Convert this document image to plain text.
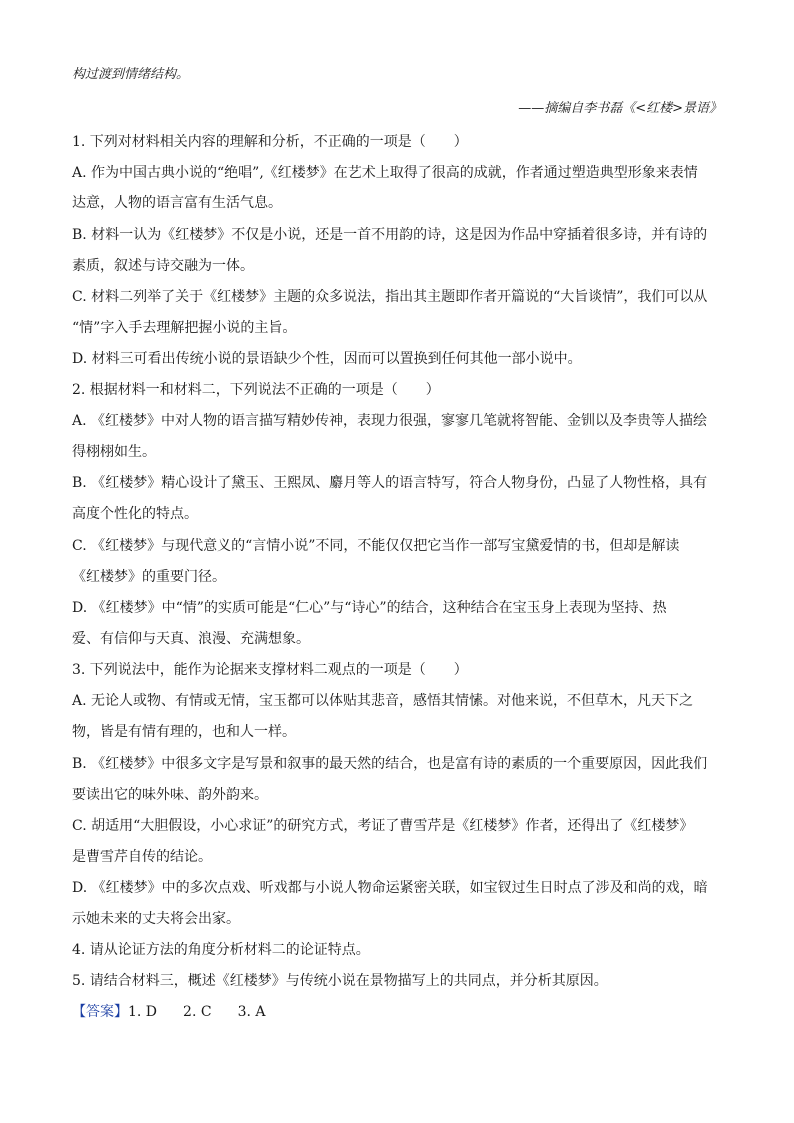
构过渡到情绪结构。
——摘编自李书磊《<红楼>景语》
1. 下列对材料相关内容的理解和分析，不正确的一项是（　　）
A. 作为中国古典小说的“绝唱”,《红楼梦》在艺术上取得了很高的成就，作者通过塑造典型形象来表情
达意，人物的语言富有生活气息。
B. 材料一认为《红楼梦》不仅是小说，还是一首不用韵的诗，这是因为作品中穿插着很多诗，并有诗的
素质，叙述与诗交融为一体。
C. 材料二列举了关于《红楼梦》主题的众多说法，指出其主题即作者开篇说的“大旨谈情”，我们可以从
“情”字入手去理解把握小说的主旨。
D. 材料三可看出传统小说的景语缺少个性，因而可以置换到任何其他一部小说中。
2. 根据材料一和材料二，下列说法不正确的一项是（　　）
A. 《红楼梦》中对人物的语言描写精妙传神，表现力很强，寥寥几笔就将智能、金钏以及李贵等人描绘
得栩栩如生。
B. 《红楼梦》精心设计了黛玉、王熙凤、麝月等人的语言特写，符合人物身份，凸显了人物性格，具有
高度个性化的特点。
C. 《红楼梦》与现代意义的“言情小说”不同，不能仅仅把它当作一部写宝黛爱情的书，但却是解读
《红楼梦》的重要门径。
D. 《红楼梦》中“情”的实质可能是“仁心”与“诗心”的结合，这种结合在宝玉身上表现为坚持、热
爱、有信仰与天真、浪漫、充满想象。
3. 下列说法中，能作为论据来支撑材料二观点的一项是（　　）
A. 无论人或物、有情或无情，宝玉都可以体贴其悲音，感悟其情愫。对他来说，不但草木，凡天下之
物，皆是有情有理的，也和人一样。
B. 《红楼梦》中很多文字是写景和叙事的最天然的结合，也是富有诗的素质的一个重要原因，因此我们
要读出它的味外味、韵外韵来。
C. 胡适用“大胆假设，小心求证”的研究方式，考证了曹雪芹是《红楼梦》作者，还得出了《红楼梦》
是曹雪芹自传的结论。
D. 《红楼梦》中的多次点戏、听戏都与小说人物命运紧密关联，如宝钗过生日时点了涉及和尚的戏，暗
示她未来的丈夫将会出家。
4. 请从论证方法的角度分析材料二的论证特点。
5. 请结合材料三，概述《红楼梦》与传统小说在景物描写上的共同点，并分析其原因。
【答案】1. D 2. C 3. A
